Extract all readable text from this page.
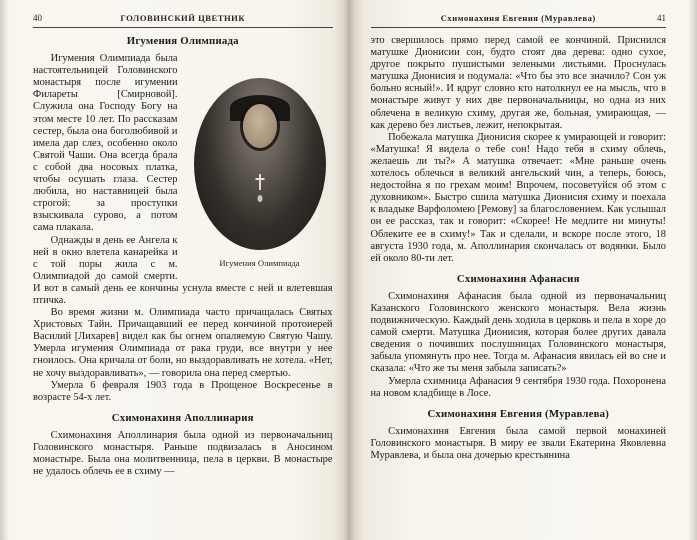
40	ГОЛОВИНСКИЙ ЦВЕТНИК
Игумения Олимпиада
Игумения Олимпиада

Игумения Олимпиада была настоятельницей Головинского монастыря после игумении Филареты [Смирновой]. Служила она Господу Богу на этом месте 10 лет. По рассказам сестер, была она боголюбивой и имела дар слез, особенно около Святой Чаши. Она всегда брала с собой два носовых платка, чтобы осушать глаза. Сестер любила, но наставницей была строгой: за проступки взыскивала сурово, а потом сама плакала.

Однажды в день ее Ангела к ней в окно влетела канарейка и с той поры жила с м. Олимпиадой до самой смерти. И вот в самый день ее кончины уснула вместе с ней и влетевшая птичка.

Во время жизни м. Олимпиада часто причащалась Святых Христовых Тайн. Причащавший ее перед кончиной протоиерей Василий [Лихарев] видел как бы огнем опаляемую Святую Чашу. Умерла игумения Олимпиада от рака груди, все внутри у нее гноилось. Она кричала от боли, но выздоравливать не хотела. «Нет, не хочу выздоравливать», — говорила она перед смертью.

Умерла 6 февраля 1903 года в Прощеное Воскресенье в возрасте 54-х лет.

Схимонахиня Аполлинария

Схимонахиня Аполлинария была одной из первоначальниц Головинского монастыря. Раньше подвизалась в Аносином монастыре. Была она молитвенница, пела в церкви. В монастыре не удалось облечь ее в схиму —

Схимонахиня Евгения (Муравлева)	41

это свершилось прямо перед самой ее кончиной. Приснился матушке Дионисии сон, будто стоят два дерева: одно сухое, другое покрыто пушистыми зелеными листьями. Проснулась матушка Дионисия и подумала: «Что бы это все значило? Сон уж больно ясный!». И вдруг словно кто натолкнул ее на мысль, что в монастыре живут у них две первоначальницы, но одна из них облечена в великую схиму, другая же, больная, умирающая, — как дерево без листьев, лежит, непокрытая.

Побежала матушка Дионисия скорее к умирающей и говорит: «Матушка! Я видела о тебе сон! Надо тебя в схиму облечь, желаешь ли ты?» А матушка отвечает: «Мне раньше очень хотелось облечься в великий ангельский чин, а теперь, боюсь, недостойна я по грехам моим! Впрочем, посоветуйся об этом с духовником». Быстро сшила матушка Дионисия схиму и поехала к владыке Варфоломею [Ремову] за благословением. Как услышал он ее рассказ, так и говорит: «Скорее! Не медлите ни минуты! Облеките ее в схиму!» Так и сделали, и вскоре после этого, 18 августа 1930 года, м. Аполлинария скончалась от водянки. Было ей около 80-ти лет.

Схимонахиня Афанасия

Схимонахиня Афанасия была одной из первоначальниц Казанского Головинского женского монастыря. Вела жизнь подвижническую. Каждый день ходила в церковь и пела в хоре до самой смерти. Матушка Дионисия, которая более других давала сведения о почивших послушницах Головинского монастыря, забыла упомянуть про нее. Тогда м. Афанасия явилась ей во сне и сказала: «Что же ты меня забыла записать?»

Умерла схимница Афанасия 9 сентября 1930 года. Похоронена на новом кладбище в Лосе.

Схимонахиня Евгения (Муравлева)

Схимонахиня Евгения была самой первой монахиней Головинского монастыря. В миру ее звали Екатерина Яковлевна Муравлева, и была она дочерью крестьянина
